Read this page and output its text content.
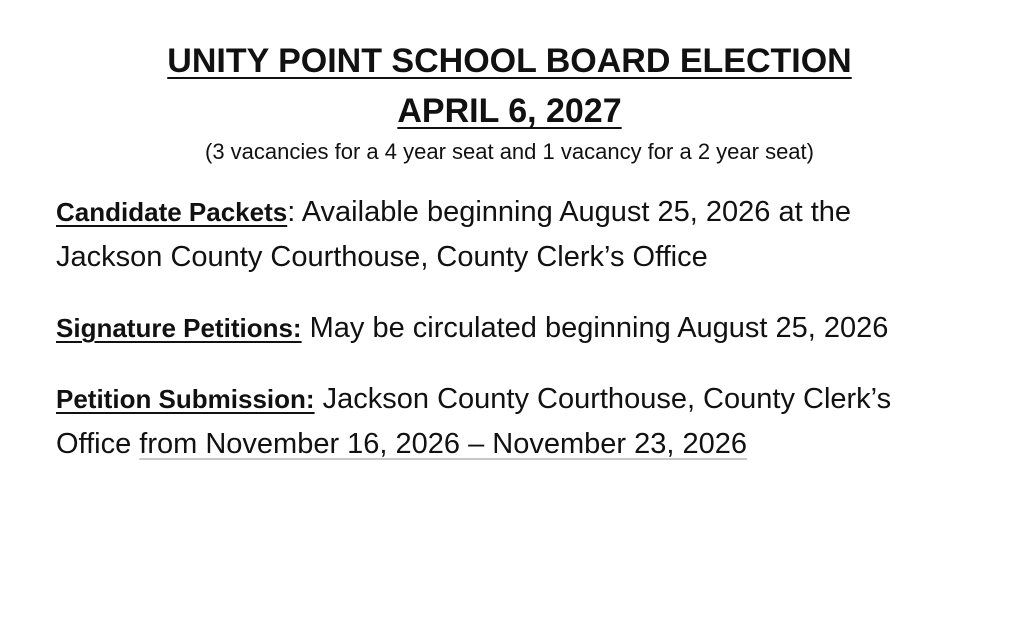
UNITY POINT SCHOOL BOARD ELECTION APRIL 6, 2027

(3 vacancies for a 4 year seat and 1 vacancy for a 2 year seat)

Candidate Packets: Available beginning August 25, 2026 at the Jackson County Courthouse, County Clerk’s Office

Signature Petitions: May be circulated beginning August 25, 2026

Petition Submission: Jackson County Courthouse, County Clerk’s Office from November 16, 2026 – November 23, 2026
